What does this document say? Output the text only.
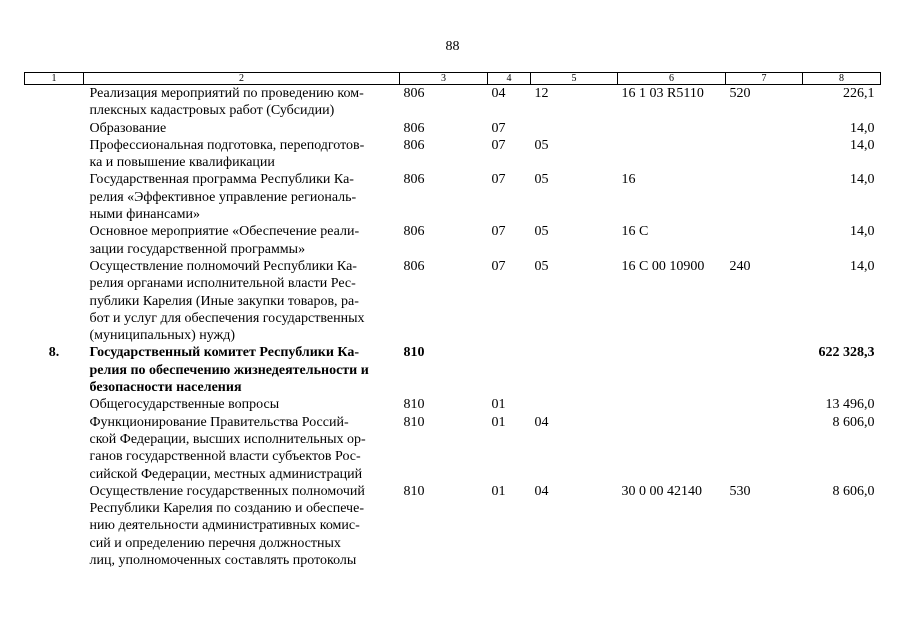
88
1	2	3	4	5	6	7	8
	Реализация мероприятий по проведению ком-
плексных кадастровых работ (Субсидии)	806	04	12	16 1 03 R5110	520	226,1
	Образование	806	07				14,0
	Профессиональная подготовка, переподготов-
ка и повышение квалификации	806	07	05			14,0
	Государственная программа Республики Ка-
релия «Эффективное управление региональ-
ными финансами»	806	07	05	16		14,0
	Основное мероприятие «Обеспечение реали-
зации государственной программы»	806	07	05	16 С		14,0
	Осуществление полномочий Республики Ка-
релия органами исполнительной власти Рес-
публики Карелия (Иные закупки товаров, ра-
бот и услуг для обеспечения государственных
(муниципальных) нужд)	806	07	05	16 С 00 10900	240	14,0
8.	Государственный комитет Республики Ка-
релия по обеспечению жизнедеятельности и
безопасности населения	810					622 328,3
	Общегосударственные вопросы	810	01				13 496,0
	Функционирование Правительства Россий-
ской Федерации, высших исполнительных ор-
ганов государственной власти субъектов Рос-
сийской Федерации, местных администраций	810	01	04			8 606,0
	Осуществление государственных полномочий
Республики Карелия по созданию и обеспече-
нию деятельности административных комис-
сий и определению перечня должностных
лиц, уполномоченных составлять протоколы	810	01	04	30 0 00 42140	530	8 606,0
